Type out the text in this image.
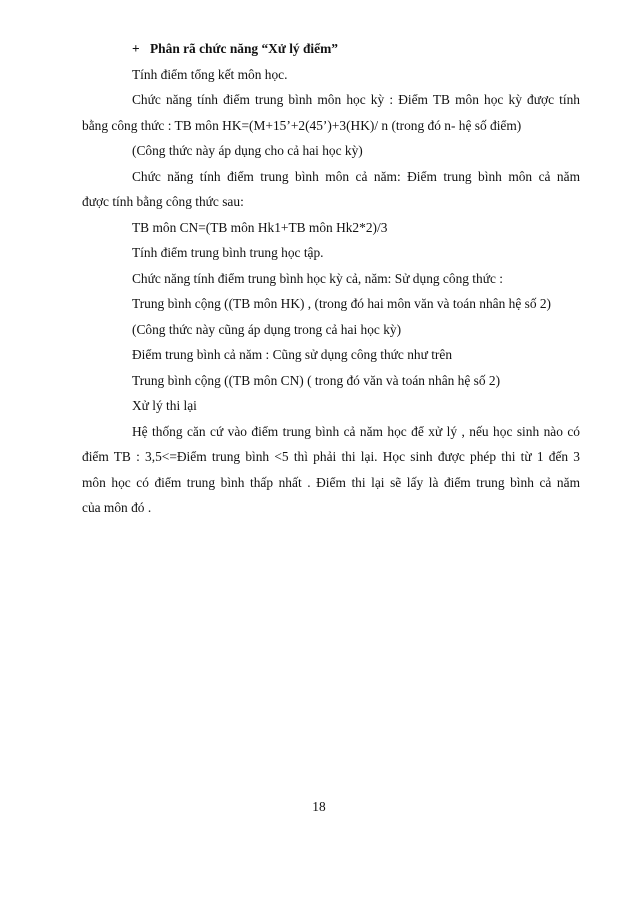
+ Phân rã chức năng “Xử lý điểm”

Tính điểm tổng kết môn học.

Chức năng tính điểm trung bình môn học kỳ : Điểm TB môn học kỳ được tính

bằng công thức : TB môn HK=(M+15’+2(45’)+3(HK)/ n (trong đó n- hệ số điểm)

(Công thức này áp dụng cho cả hai học kỳ)

Chức năng tính điểm trung bình môn cả năm: Điểm trung bình môn cả năm

được tính bằng công thức sau:

TB môn CN=(TB môn Hk1+TB môn Hk2*2)/3

Tính điểm trung bình trung học tập.

Chức năng tính điểm trung bình học kỳ cả, năm: Sử dụng công thức :

Trung bình cộng ((TB môn HK) , (trong đó hai môn văn và toán nhân hệ số 2)

(Công thức này cũng áp dụng trong cả hai học kỳ)

Điểm trung bình cả năm : Cũng sử dụng công thức như trên

Trung bình cộng ((TB môn CN) ( trong đó văn và toán nhân hệ số 2)

Xử lý thi lại

Hệ thống căn cứ vào điểm trung bình cả năm học để xử lý , nếu học sinh nào có

điểm TB : 3,5<=Điểm trung bình <5 thì phải thi lại. Học sinh được phép thi từ 1 đến 3

môn học có điểm trung bình thấp nhất . Điểm thi lại sẽ lấy là điểm trung bình cả năm

của môn đó .

18
